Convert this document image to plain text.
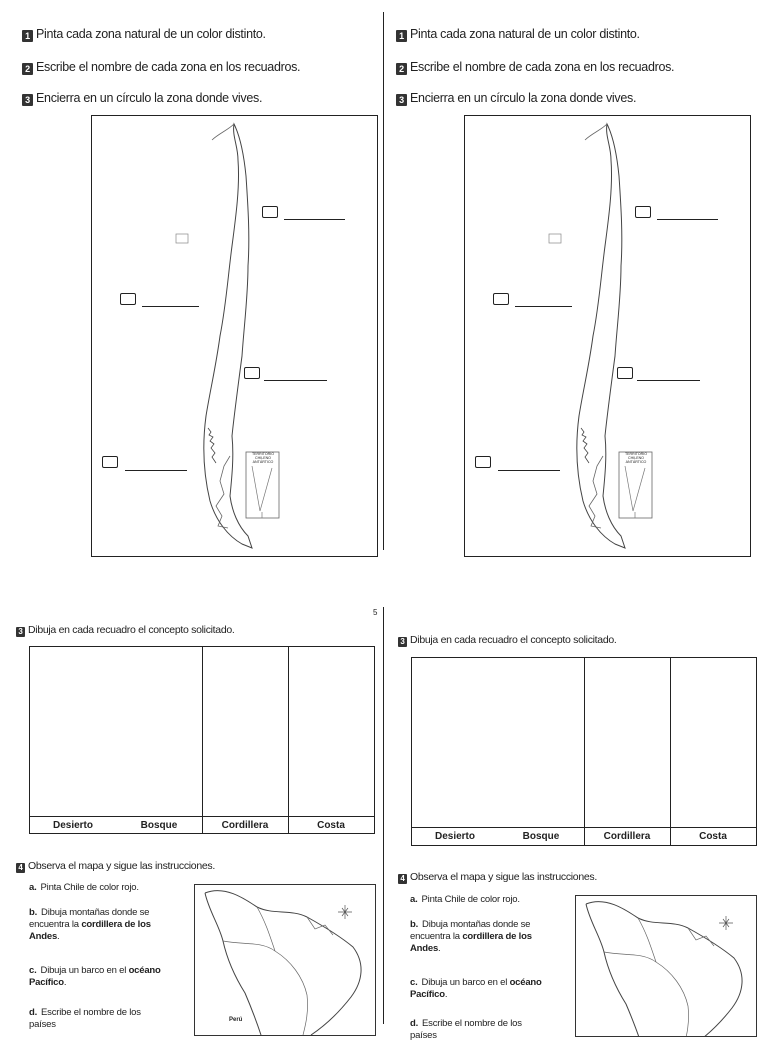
1 Pinta cada zona natural de un color distinto.
2 Escribe el nombre de cada zona en los recuadros.
3 Encierra en un círculo la zona donde vives.
1 Pinta cada zona natural de un color distinto.
2 Escribe el nombre de cada zona en los recuadros.
3 Encierra en un círculo la zona donde vives.
TERRITORIO CHILENO ANTÁRTICO
TERRITORIO CHILENO ANTÁRTICO
5
3 Dibuja en cada recuadro el concepto solicitado.
Desierto	Bosque	Cordillera	Costa
3 Dibuja en cada recuadro el concepto solicitado.
Desierto	Bosque	Cordillera	Costa
4 Observa el mapa y sigue las instrucciones.
a. Pinta Chile de color rojo.
b. Dibuja montañas donde se encuentra la cordillera de los Andes.
c. Dibuja un barco en el océano Pacífico.
d. Escribe el nombre de los países	Perú
4 Observa el mapa y sigue las instrucciones.
a. Pinta Chile de color rojo.
b. Dibuja montañas donde se encuentra la cordillera de los Andes.
c. Dibuja un barco en el océano Pacífico.
d. Escribe el nombre de los países
